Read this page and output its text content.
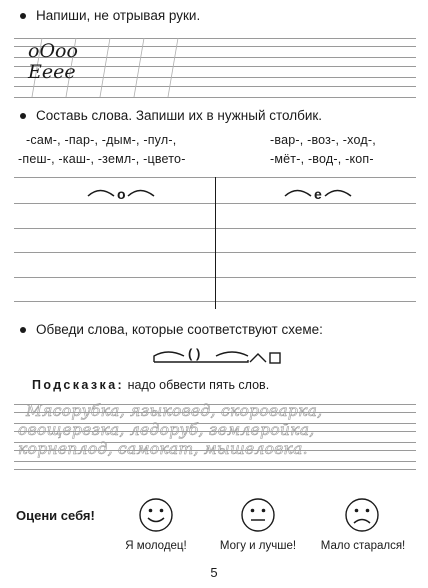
Напиши, не отрывая руки.
оОоо
Ееее
Составь слова. Запиши их в нужный столбик.
-сам-, -пар-, -дым-, -пул-,
-пеш-, -каш-, -земл-, -цвето-
-вар-, -воз-, -ход-,
-мёт-, -вод-, -коп-
о	е
Обведи слова, которые соответствуют схеме:
( )
Подсказка: надо обвести пять слов.
Мясорубка, языковед, скороварка,
овощерезка, ледоруб, землеройка,
корнеплод, самокат, мышеловка.
Оцени себя!
Я молодец!	Могу и лучше!	Мало старался!
5
